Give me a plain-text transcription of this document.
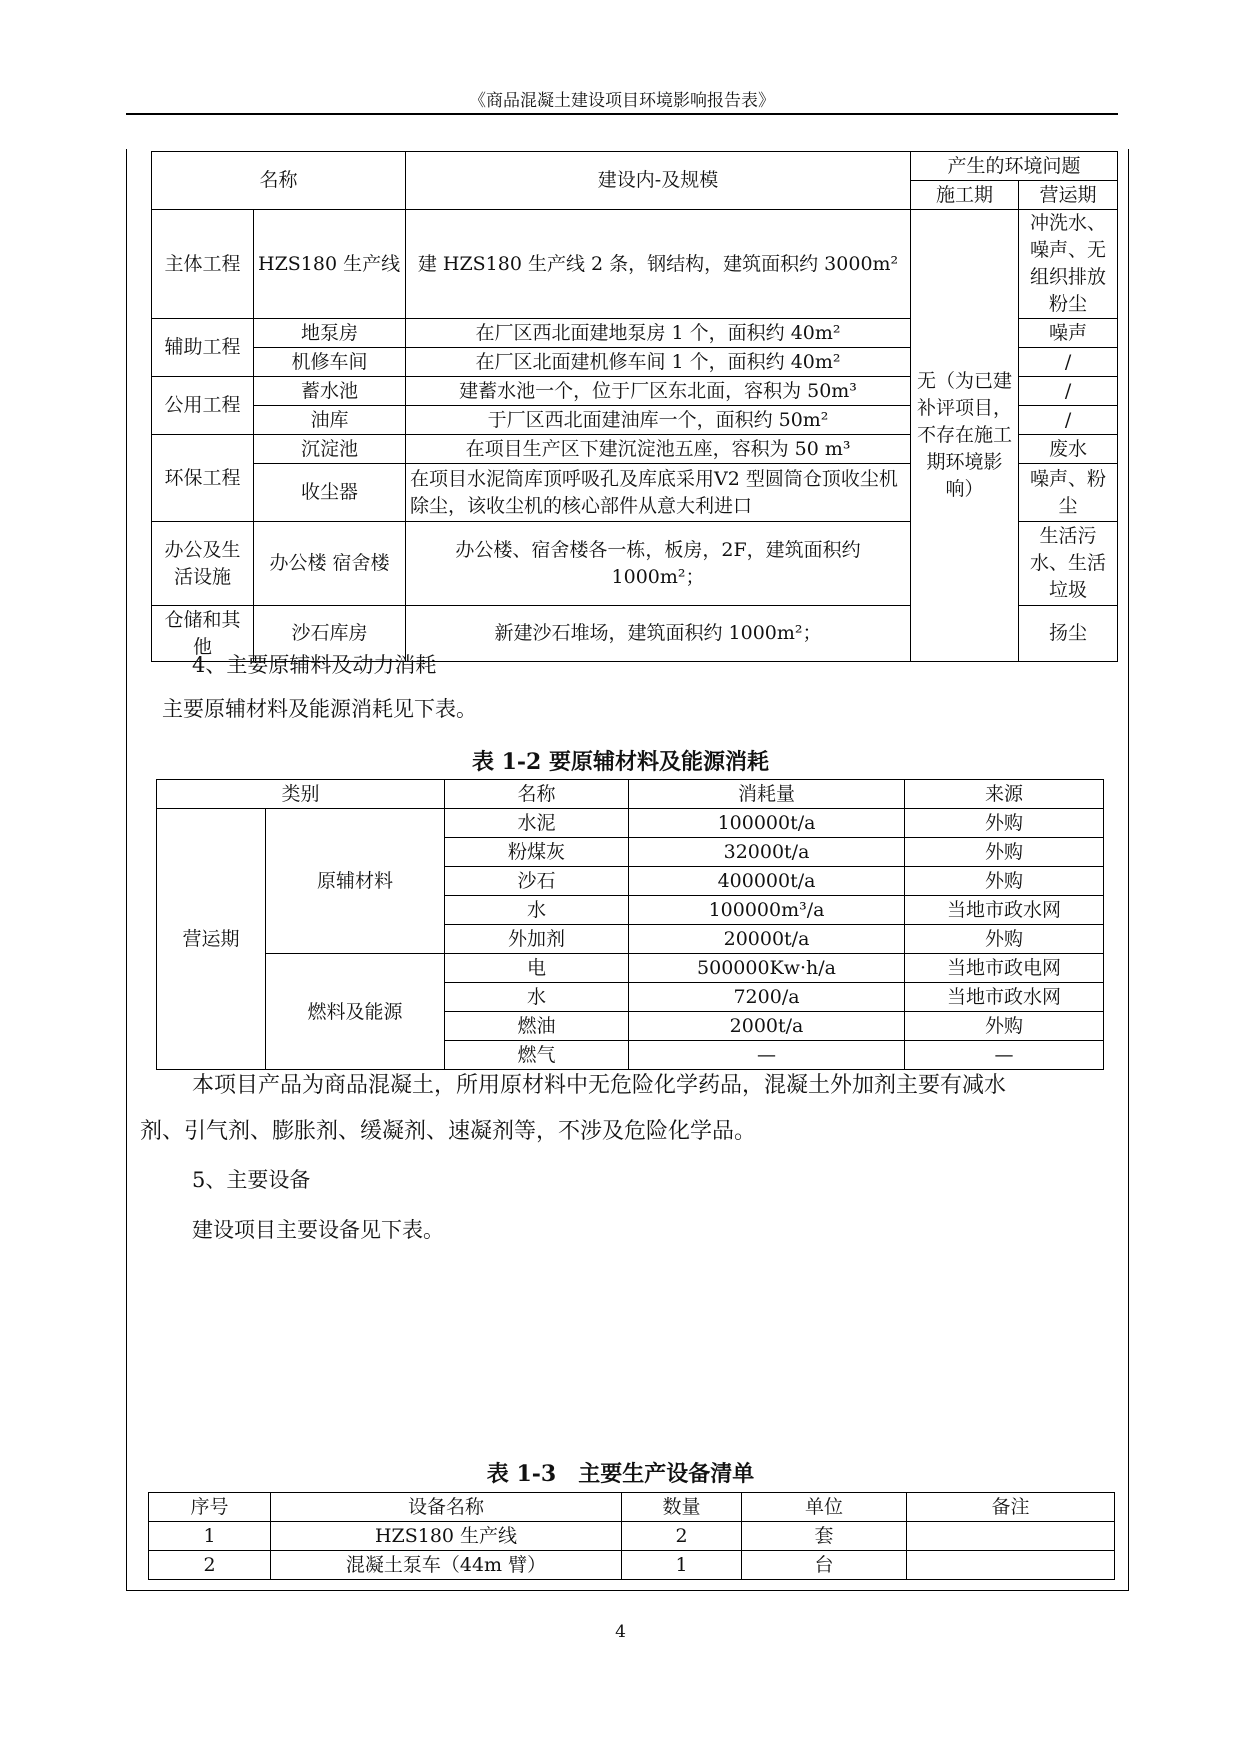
《商品混凝土建设项目环境影响报告表》
名称		建设内-及规模	产生的环境问题	
			施工期	营运期
主体工程	HZS180 生产线	建 HZS180 生产线 2 条，钢结构，建筑面积约 3000m²	无（为已建补评项目，不存在施工期环境影响）	冲洗水、噪声、无组织排放粉尘
辅助工程	地泵房	在厂区西北面建地泵房 1 个，面积约 40m²		噪声
	机修车间	在厂区北面建机修车间 1 个，面积约 40m²		/
公用工程	蓄水池	建蓄水池一个，位于厂区东北面，容积为 50m³		/
	油库	于厂区西北面建油库一个，面积约 50m²		/
环保工程	沉淀池	在项目生产区下建沉淀池五座，容积为 50 m³		废水
	收尘器	在项目水泥筒库顶呼吸孔及库底采用V2 型圆筒仓顶收尘机除尘，该收尘机的核心部件从意大利进口		噪声、粉尘
办公及生活设施	办公楼 宿舍楼	办公楼、宿舍楼各一栋，板房，2F，建筑面积约 1000m²；		生活污水、生活垃圾
仓储和其他	沙石库房	新建沙石堆场，建筑面积约 1000m²；		扬尘
4、主要原辅料及动力消耗
主要原辅材料及能源消耗见下表。
表 1-2 要原辅材料及能源消耗
类别		名称	消耗量	来源
营运期	原辅材料	水泥	100000t/a	外购
		粉煤灰	32000t/a	外购
		沙石	400000t/a	外购
		水	100000m³/a	当地市政水网
		外加剂	20000t/a	外购
	燃料及能源	电	500000Kw·h/a	当地市政电网
		水	7200/a	当地市政水网
		燃油	2000t/a	外购
		燃气	—	—
本项目产品为商品混凝土，所用原材料中无危险化学药品，混凝土外加剂主要有减水
剂、引气剂、膨胀剂、缓凝剂、速凝剂等，不涉及危险化学品。
5、主要设备
建设项目主要设备见下表。
表 1-3　主要生产设备清单
序号	设备名称	数量	单位	备注
1	HZS180 生产线	2	套	
2	混凝土泵车（44m 臂）	1	台	
4
